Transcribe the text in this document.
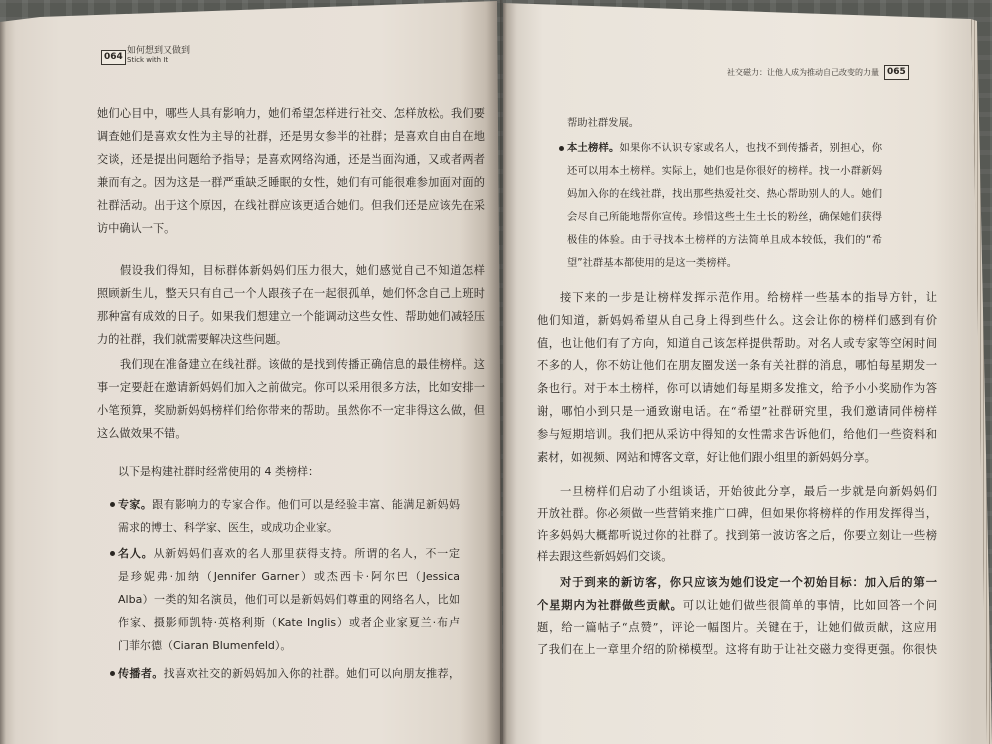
064
如何想到又做到
Stick with It
她们心目中，哪些人具有影响力，她们希望怎样进行社交、怎样放松。我们要
调查她们是喜欢女性为主导的社群，还是男女参半的社群；是喜欢自由自在地
交谈，还是提出问题给予指导；是喜欢网络沟通，还是当面沟通，又或者两者
兼而有之。因为这是一群严重缺乏睡眠的女性，她们有可能很难参加面对面的
社群活动。出于这个原因，在线社群应该更适合她们。但我们还是应该先在采
访中确认一下。
假设我们得知，目标群体新妈妈们压力很大，她们感觉自己不知道怎样
照顾新生儿，整天只有自己一个人跟孩子在一起很孤单，她们怀念自己上班时
那种富有成效的日子。如果我们想建立一个能调动这些女性、帮助她们减轻压
力的社群，我们就需要解决这些问题。
我们现在准备建立在线社群。该做的是找到传播正确信息的最佳榜样。这
事一定要赶在邀请新妈妈们加入之前做完。你可以采用很多方法，比如安排一
小笔预算，奖励新妈妈榜样们给你带来的帮助。虽然你不一定非得这么做，但
这么做效果不错。
以下是构建社群时经常使用的 4 类榜样：
专家。跟有影响力的专家合作。他们可以是经验丰富、能满足新妈妈
需求的博士、科学家、医生，或成功企业家。
名人。从新妈妈们喜欢的名人那里获得支持。所谓的名人，不一定
是珍妮弗·加纳（Jennifer Garner）或杰西卡·阿尔巴（Jessica
Alba）一类的知名演员，他们可以是新妈妈们尊重的网络名人，比如
作家、摄影师凯特·英格利斯（Kate Inglis）或者企业家夏兰·布卢
门菲尔德（Ciaran Blumenfeld）。
传播者。找喜欢社交的新妈妈加入你的社群。她们可以向朋友推荐，
社交磁力：让他人成为推动自己改变的力量 065
帮助社群发展。
本土榜样。如果你不认识专家或名人，也找不到传播者，别担心，你
还可以用本土榜样。实际上，她们也是你很好的榜样。找一小群新妈
妈加入你的在线社群，找出那些热爱社交、热心帮助别人的人。她们
会尽自己所能地帮你宣传。珍惜这些土生土长的粉丝，确保她们获得
极佳的体验。由于寻找本土榜样的方法简单且成本较低，我们的“希
望”社群基本都使用的是这一类榜样。
接下来的一步是让榜样发挥示范作用。给榜样一些基本的指导方针，让
他们知道，新妈妈希望从自己身上得到些什么。这会让你的榜样们感到有价
值，也让他们有了方向，知道自己该怎样提供帮助。对名人或专家等空闲时间
不多的人，你不妨让他们在朋友圈发送一条有关社群的消息，哪怕每星期发一
条也行。对于本土榜样，你可以请她们每星期多发推文，给予小小奖励作为答
谢，哪怕小到只是一通致谢电话。在“希望”社群研究里，我们邀请同伴榜样
参与短期培训。我们把从采访中得知的女性需求告诉他们，给他们一些资料和
素材，如视频、网站和博客文章，好让他们跟小组里的新妈妈分享。
一旦榜样们启动了小组谈话，开始彼此分享，最后一步就是向新妈妈们
开放社群。你必须做一些营销来推广口碑，但如果你将榜样的作用发挥得当，
许多妈妈大概都听说过你的社群了。找到第一波访客之后，你要立刻让一些榜
样去跟这些新妈妈们交谈。
对于到来的新访客，你只应该为她们设定一个初始目标：加入后的第一
个星期内为社群做些贡献。可以让她们做些很简单的事情，比如回答一个问
题，给一篇帖子“点赞”，评论一幅图片。关键在于，让她们做贡献，这应用
了我们在上一章里介绍的阶梯模型。这将有助于让社交磁力变得更强。你很快
